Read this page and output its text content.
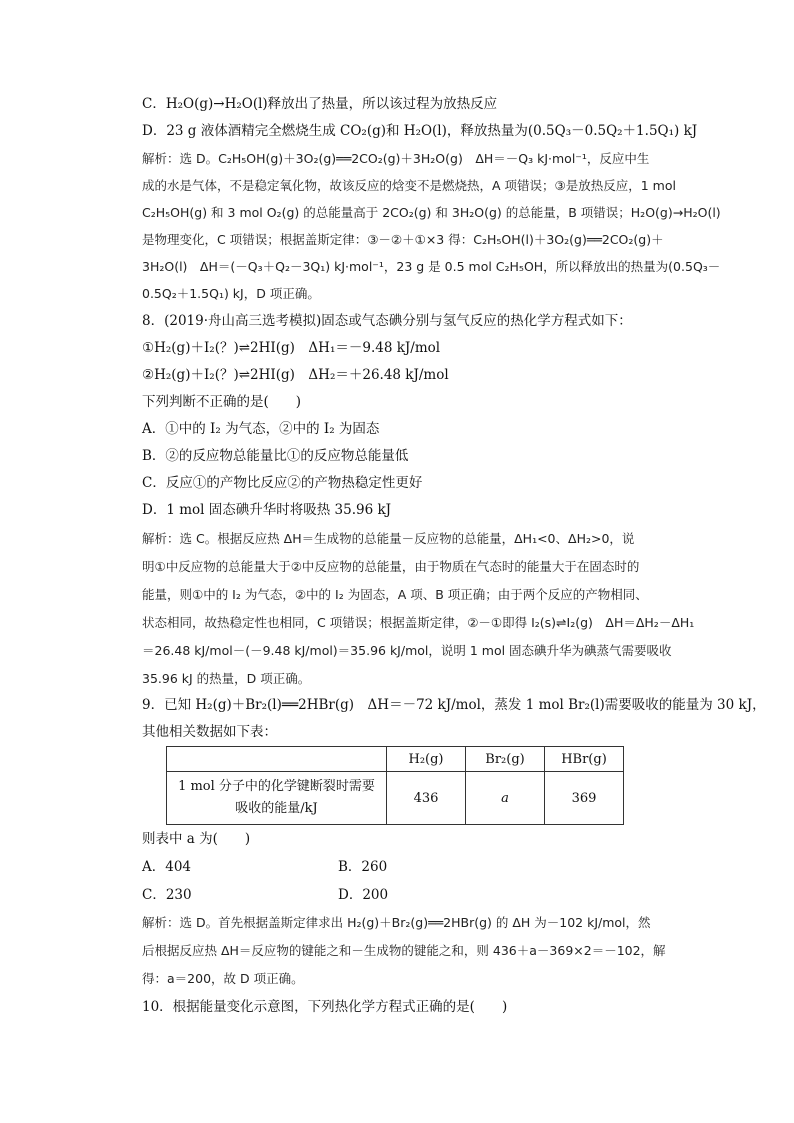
C．H₂O(g)→H₂O(l)释放出了热量，所以该过程为放热反应
D．23 g 液体酒精完全燃烧生成 CO₂(g)和 H₂O(l)，释放热量为(0.5Q₃－0.5Q₂＋1.5Q₁) kJ
解析：选 D。C₂H₅OH(g)＋3O₂(g)══2CO₂(g)＋3H₂O(g)　ΔH＝－Q₃ kJ·mol⁻¹，反应中生
成的水是气体，不是稳定氧化物，故该反应的焓变不是燃烧热，A 项错误；③是放热反应，1 mol
C₂H₅OH(g) 和 3 mol O₂(g) 的总能量高于 2CO₂(g) 和 3H₂O(g) 的总能量，B 项错误；H₂O(g)→H₂O(l)
是物理变化，C 项错误；根据盖斯定律：③－②＋①×3 得：C₂H₅OH(l)＋3O₂(g)══2CO₂(g)＋
3H₂O(l)　ΔH＝(－Q₃＋Q₂－3Q₁) kJ·mol⁻¹，23 g 是 0.5 mol C₂H₅OH，所以释放出的热量为(0.5Q₃－
0.5Q₂＋1.5Q₁) kJ，D 项正确。
8．(2019·舟山高三选考模拟)固态或气态碘分别与氢气反应的热化学方程式如下：
①H₂(g)＋I₂(？)⇌2HI(g)　ΔH₁＝－9.48 kJ/mol
②H₂(g)＋I₂(？)⇌2HI(g)　ΔH₂＝＋26.48 kJ/mol
下列判断不正确的是(　　)
A．①中的 I₂ 为气态，②中的 I₂ 为固态
B．②的反应物总能量比①的反应物总能量低
C．反应①的产物比反应②的产物热稳定性更好
D．1 mol 固态碘升华时将吸热 35.96 kJ
解析：选 C。根据反应热 ΔH＝生成物的总能量－反应物的总能量，ΔH₁<0、ΔH₂>0，说
明①中反应物的总能量大于②中反应物的总能量，由于物质在气态时的能量大于在固态时的
能量，则①中的 I₂ 为气态，②中的 I₂ 为固态，A 项、B 项正确；由于两个反应的产物相同、
状态相同，故热稳定性也相同，C 项错误；根据盖斯定律，②－①即得 I₂(s)⇌I₂(g)　ΔH＝ΔH₂－ΔH₁
＝26.48 kJ/mol－(－9.48 kJ/mol)＝35.96 kJ/mol，说明 1 mol 固态碘升华为碘蒸气需要吸收
35.96 kJ 的热量，D 项正确。
9．已知 H₂(g)＋Br₂(l)══2HBr(g)　ΔH＝－72 kJ/mol，蒸发 1 mol Br₂(l)需要吸收的能量为 30 kJ，
其他相关数据如下表：
	H₂(g)	Br₂(g)	HBr(g)

1 mol 分子中的化学键断裂时需要
吸收的能量/kJ	436	a	369
则表中 a 为(　　)
A．404	B．260
C．230	D．200
解析：选 D。首先根据盖斯定律求出 H₂(g)＋Br₂(g)══2HBr(g) 的 ΔH 为－102 kJ/mol，然
后根据反应热 ΔH＝反应物的键能之和－生成物的键能之和，则 436＋a－369×2＝－102，解
得：a＝200，故 D 项正确。
10．根据能量变化示意图，下列热化学方程式正确的是(　　)
